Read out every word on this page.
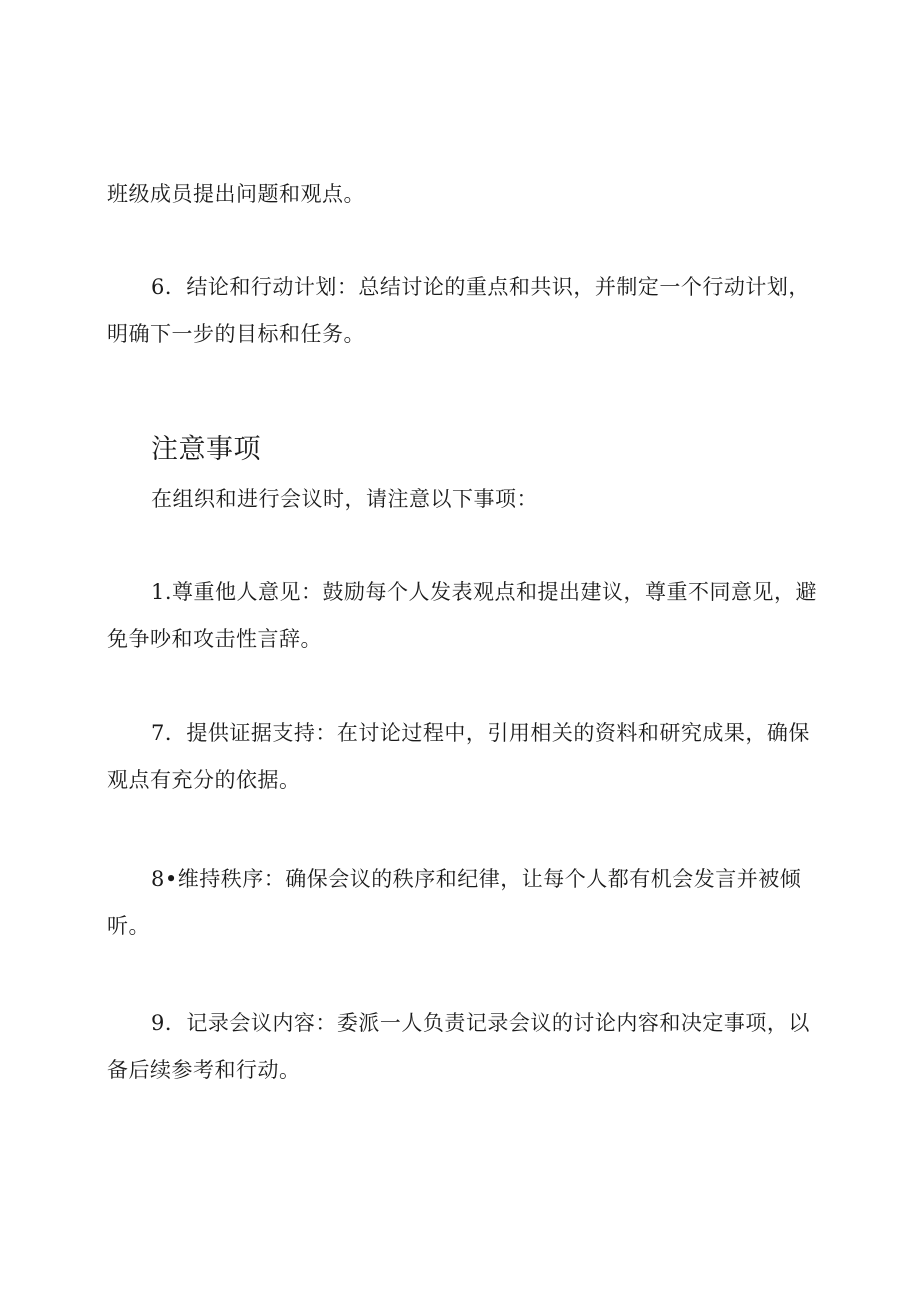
班级成员提出问题和观点。

6．结论和行动计划：总结讨论的重点和共识，并制定一个行动计划，明确下一步的目标和任务。

注意事项

在组织和进行会议时，请注意以下事项：

1.尊重他人意见：鼓励每个人发表观点和提出建议，尊重不同意见，避免争吵和攻击性言辞。

7．提供证据支持：在讨论过程中，引用相关的资料和研究成果，确保观点有充分的依据。

8•维持秩序：确保会议的秩序和纪律，让每个人都有机会发言并被倾听。

9．记录会议内容：委派一人负责记录会议的讨论内容和决定事项，以备后续参考和行动。
